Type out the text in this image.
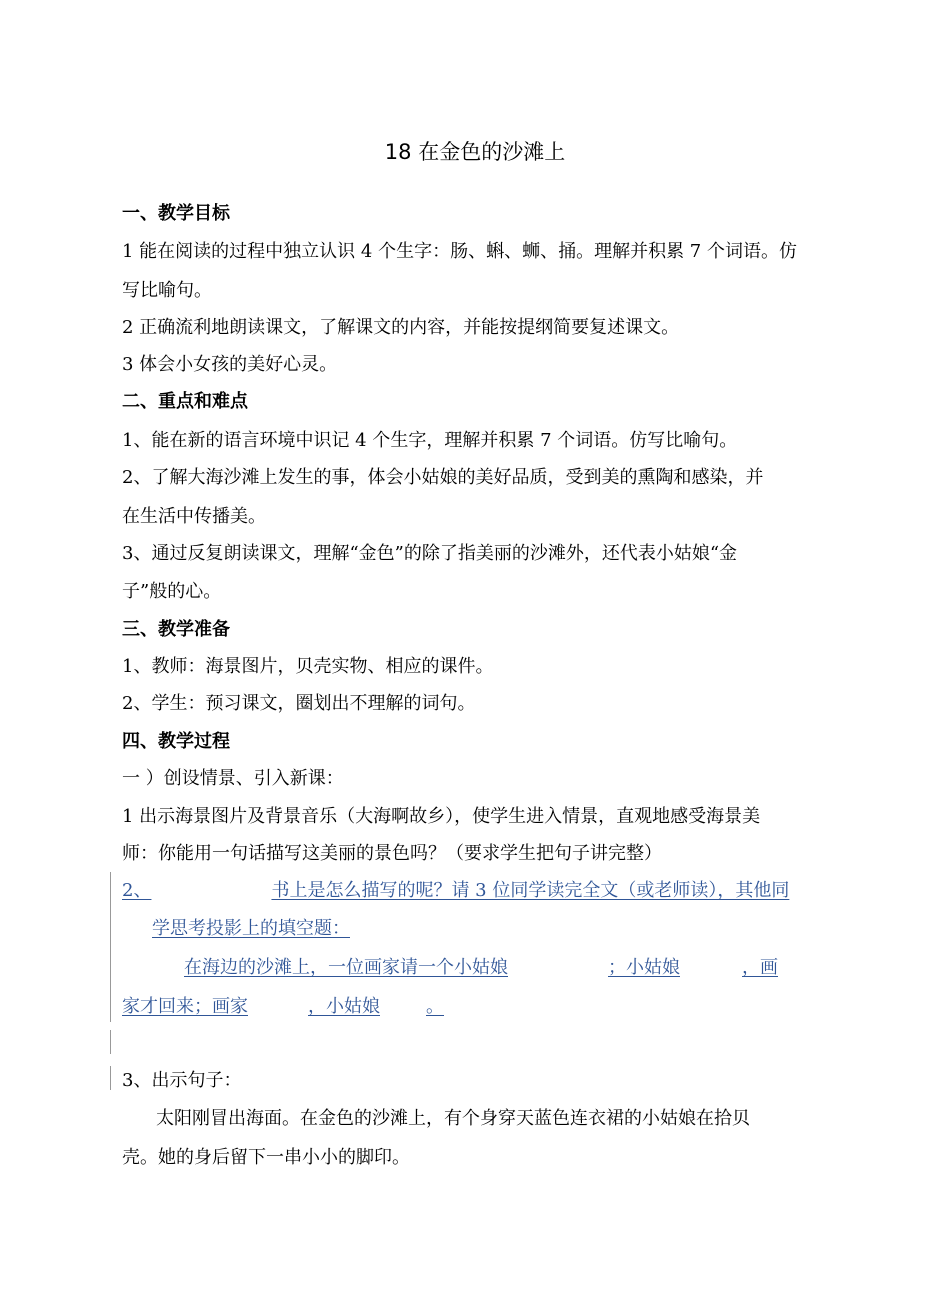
18 在金色的沙滩上
一、教学目标
1 能在阅读的过程中独立认识 4 个生字：肠、蝌、蛳、捅。理解并积累 7 个词语。仿
写比喻句。
2 正确流利地朗读课文，了解课文的内容，并能按提纲简要复述课文。
3 体会小女孩的美好心灵。
二、重点和难点
1、能在新的语言环境中识记 4 个生字，理解并积累 7 个词语。仿写比喻句。
2、了解大海沙滩上发生的事，体会小姑娘的美好品质，受到美的熏陶和感染，并
在生活中传播美。
3、通过反复朗读课文，理解“金色”的除了指美丽的沙滩外，还代表小姑娘“金
子”般的心。
三、教学准备
1、教师：海景图片，贝壳实物、相应的课件。
2、学生：预习课文，圈划出不理解的词句。
四、教学过程
一 ）创设情景、引入新课：
1 出示海景图片及背景音乐（大海啊故乡），使学生进入情景，直观地感受海景美
师：你能用一句话描写这美丽的景色吗？（要求学生把句子讲完整）
2、	书上是怎么描写的呢？请 3 位同学读完全文（或老师读），其他同
学思考投影上的填空题：
在海边的沙滩上，一位画家请一个小姑娘	；小姑娘	，画
家才回来；画家	，小姑娘	。
3、出示句子：
太阳刚冒出海面。在金色的沙滩上，有个身穿天蓝色连衣裙的小姑娘在拾贝
壳。她的身后留下一串小小的脚印。
